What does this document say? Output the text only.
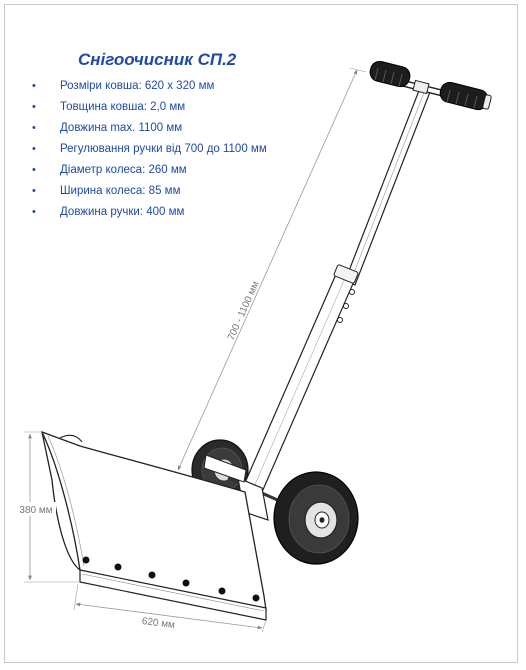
Снігоочисник СП.2
• Розміри ковша: 620 х 320 мм
• Товщина ковша: 2,0 мм
• Довжина max. 1100 мм
• Регулювання ручки від 700 до 1100 мм
• Діаметр колеса: 260 мм
• Ширина колеса: 85 мм
• Довжина ручки: 400 мм
700 - 1100 мм
380 мм
620 мм
